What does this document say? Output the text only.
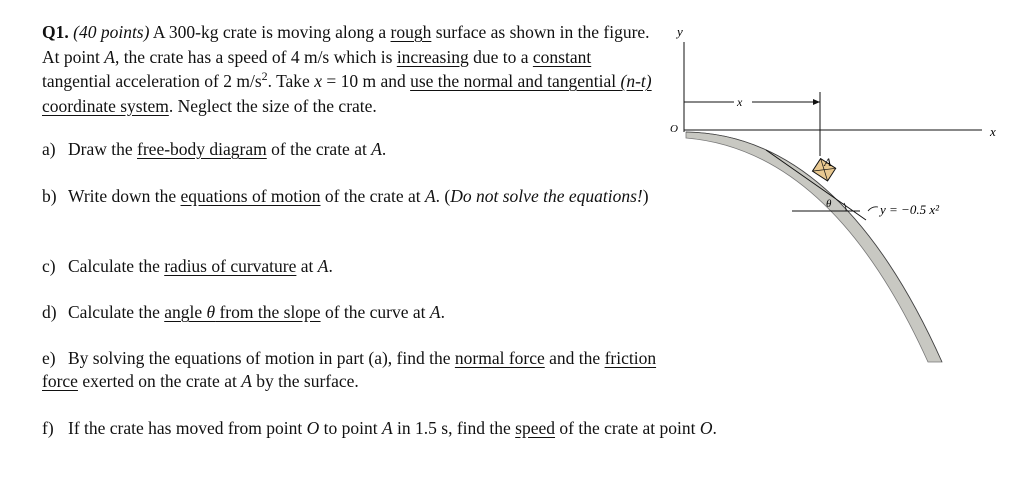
Q1. (40 points) A 300-kg crate is moving along a rough surface as shown in the figure. At point A, the crate has a speed of 4 m/s which is increasing due to a constant tangential acceleration of 2 $m/s^2$. Take x = 10 m and use the normal and tangential (n-t) coordinate system. Neglect the size of the crate.

a) Draw the free-body diagram of the crate at A.
b) Write down the equations of motion of the crate at A. (Do not solve the equations!)
c) Calculate the radius of curvature at A.
d) Calculate the angle θ from the slope of the curve at A.
e) By solving the equations of motion in part (a), find the normal force and the friction force exerted on the crate at A by the surface.
f) If the crate has moved from point O to point A in 1.5 s, find the speed of the crate at point O.
y
x
O
x
θ
A
y = −0.5 x²
